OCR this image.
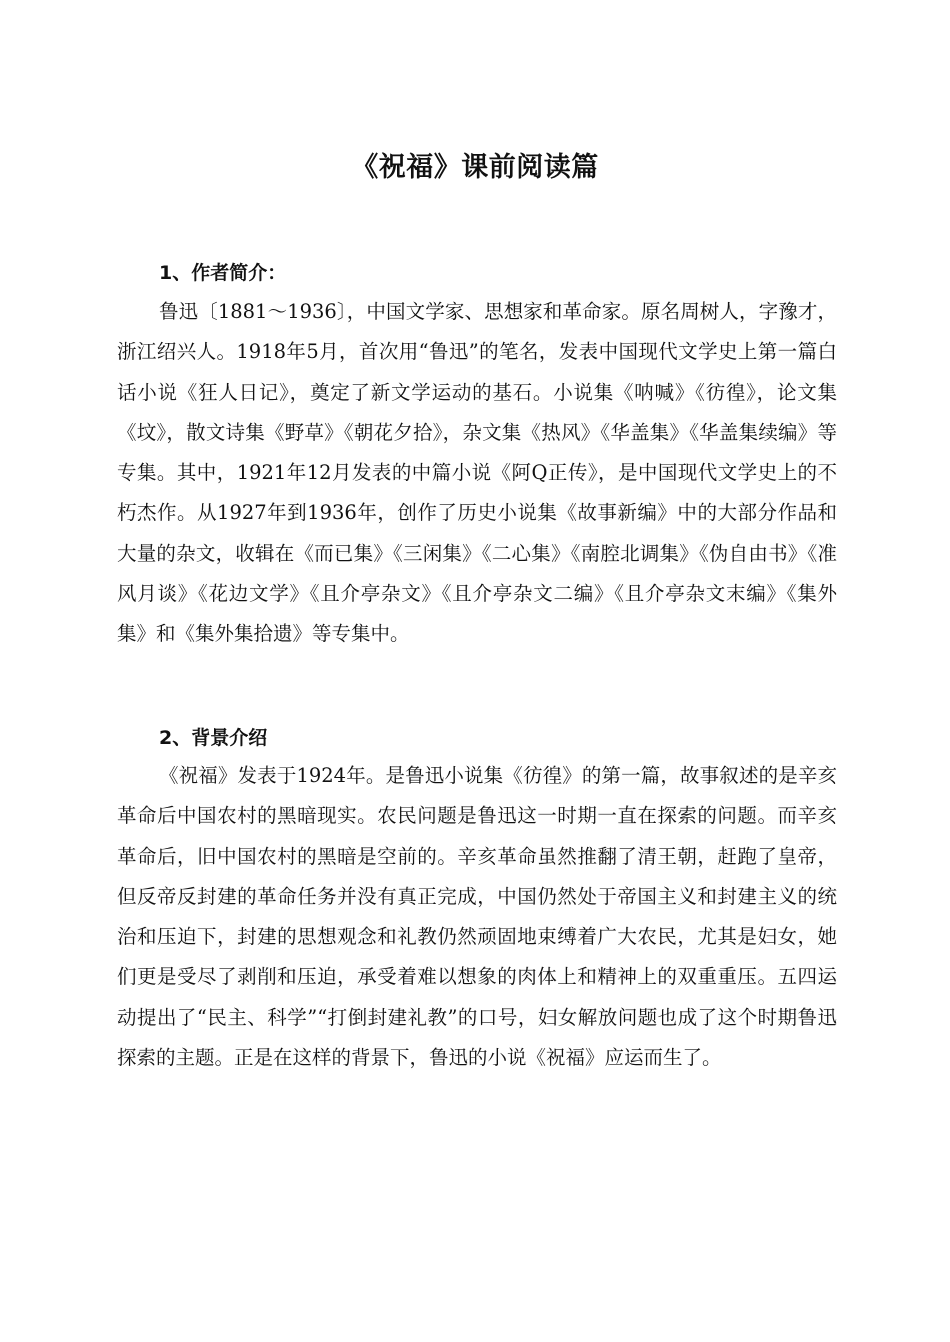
《祝福》课前阅读篇
1、作者简介：

鲁迅〔1881～1936〕，中国文学家、思想家和革命家。原名周树人，字豫才，浙江绍兴人。1918年5月，首次用“鲁迅”的笔名，发表中国现代文学史上第一篇白话小说《狂人日记》，奠定了新文学运动的基石。小说集《呐喊》《彷徨》，论文集《坟》，散文诗集《野草》《朝花夕拾》，杂文集《热风》《华盖集》《华盖集续编》等专集。其中，1921年12月发表的中篇小说《阿Q正传》，是中国现代文学史上的不朽杰作。从1927年到1936年，创作了历史小说集《故事新编》中的大部分作品和大量的杂文，收辑在《而已集》《三闲集》《二心集》《南腔北调集》《伪自由书》《准风月谈》《花边文学》《且介亭杂文》《且介亭杂文二编》《且介亭杂文末编》《集外集》和《集外集拾遗》等专集中。

2、背景介绍

《祝福》发表于1924年。是鲁迅小说集《彷徨》的第一篇，故事叙述的是辛亥革命后中国农村的黑暗现实。农民问题是鲁迅这一时期一直在探索的问题。而辛亥革命后，旧中国农村的黑暗是空前的。辛亥革命虽然推翻了清王朝，赶跑了皇帝，但反帝反封建的革命任务并没有真正完成，中国仍然处于帝国主义和封建主义的统治和压迫下，封建的思想观念和礼教仍然顽固地束缚着广大农民，尤其是妇女，她们更是受尽了剥削和压迫，承受着难以想象的肉体上和精神上的双重重压。五四运动提出了“民主、科学”“打倒封建礼教”的口号，妇女解放问题也成了这个时期鲁迅探索的主题。正是在这样的背景下，鲁迅的小说《祝福》应运而生了。
